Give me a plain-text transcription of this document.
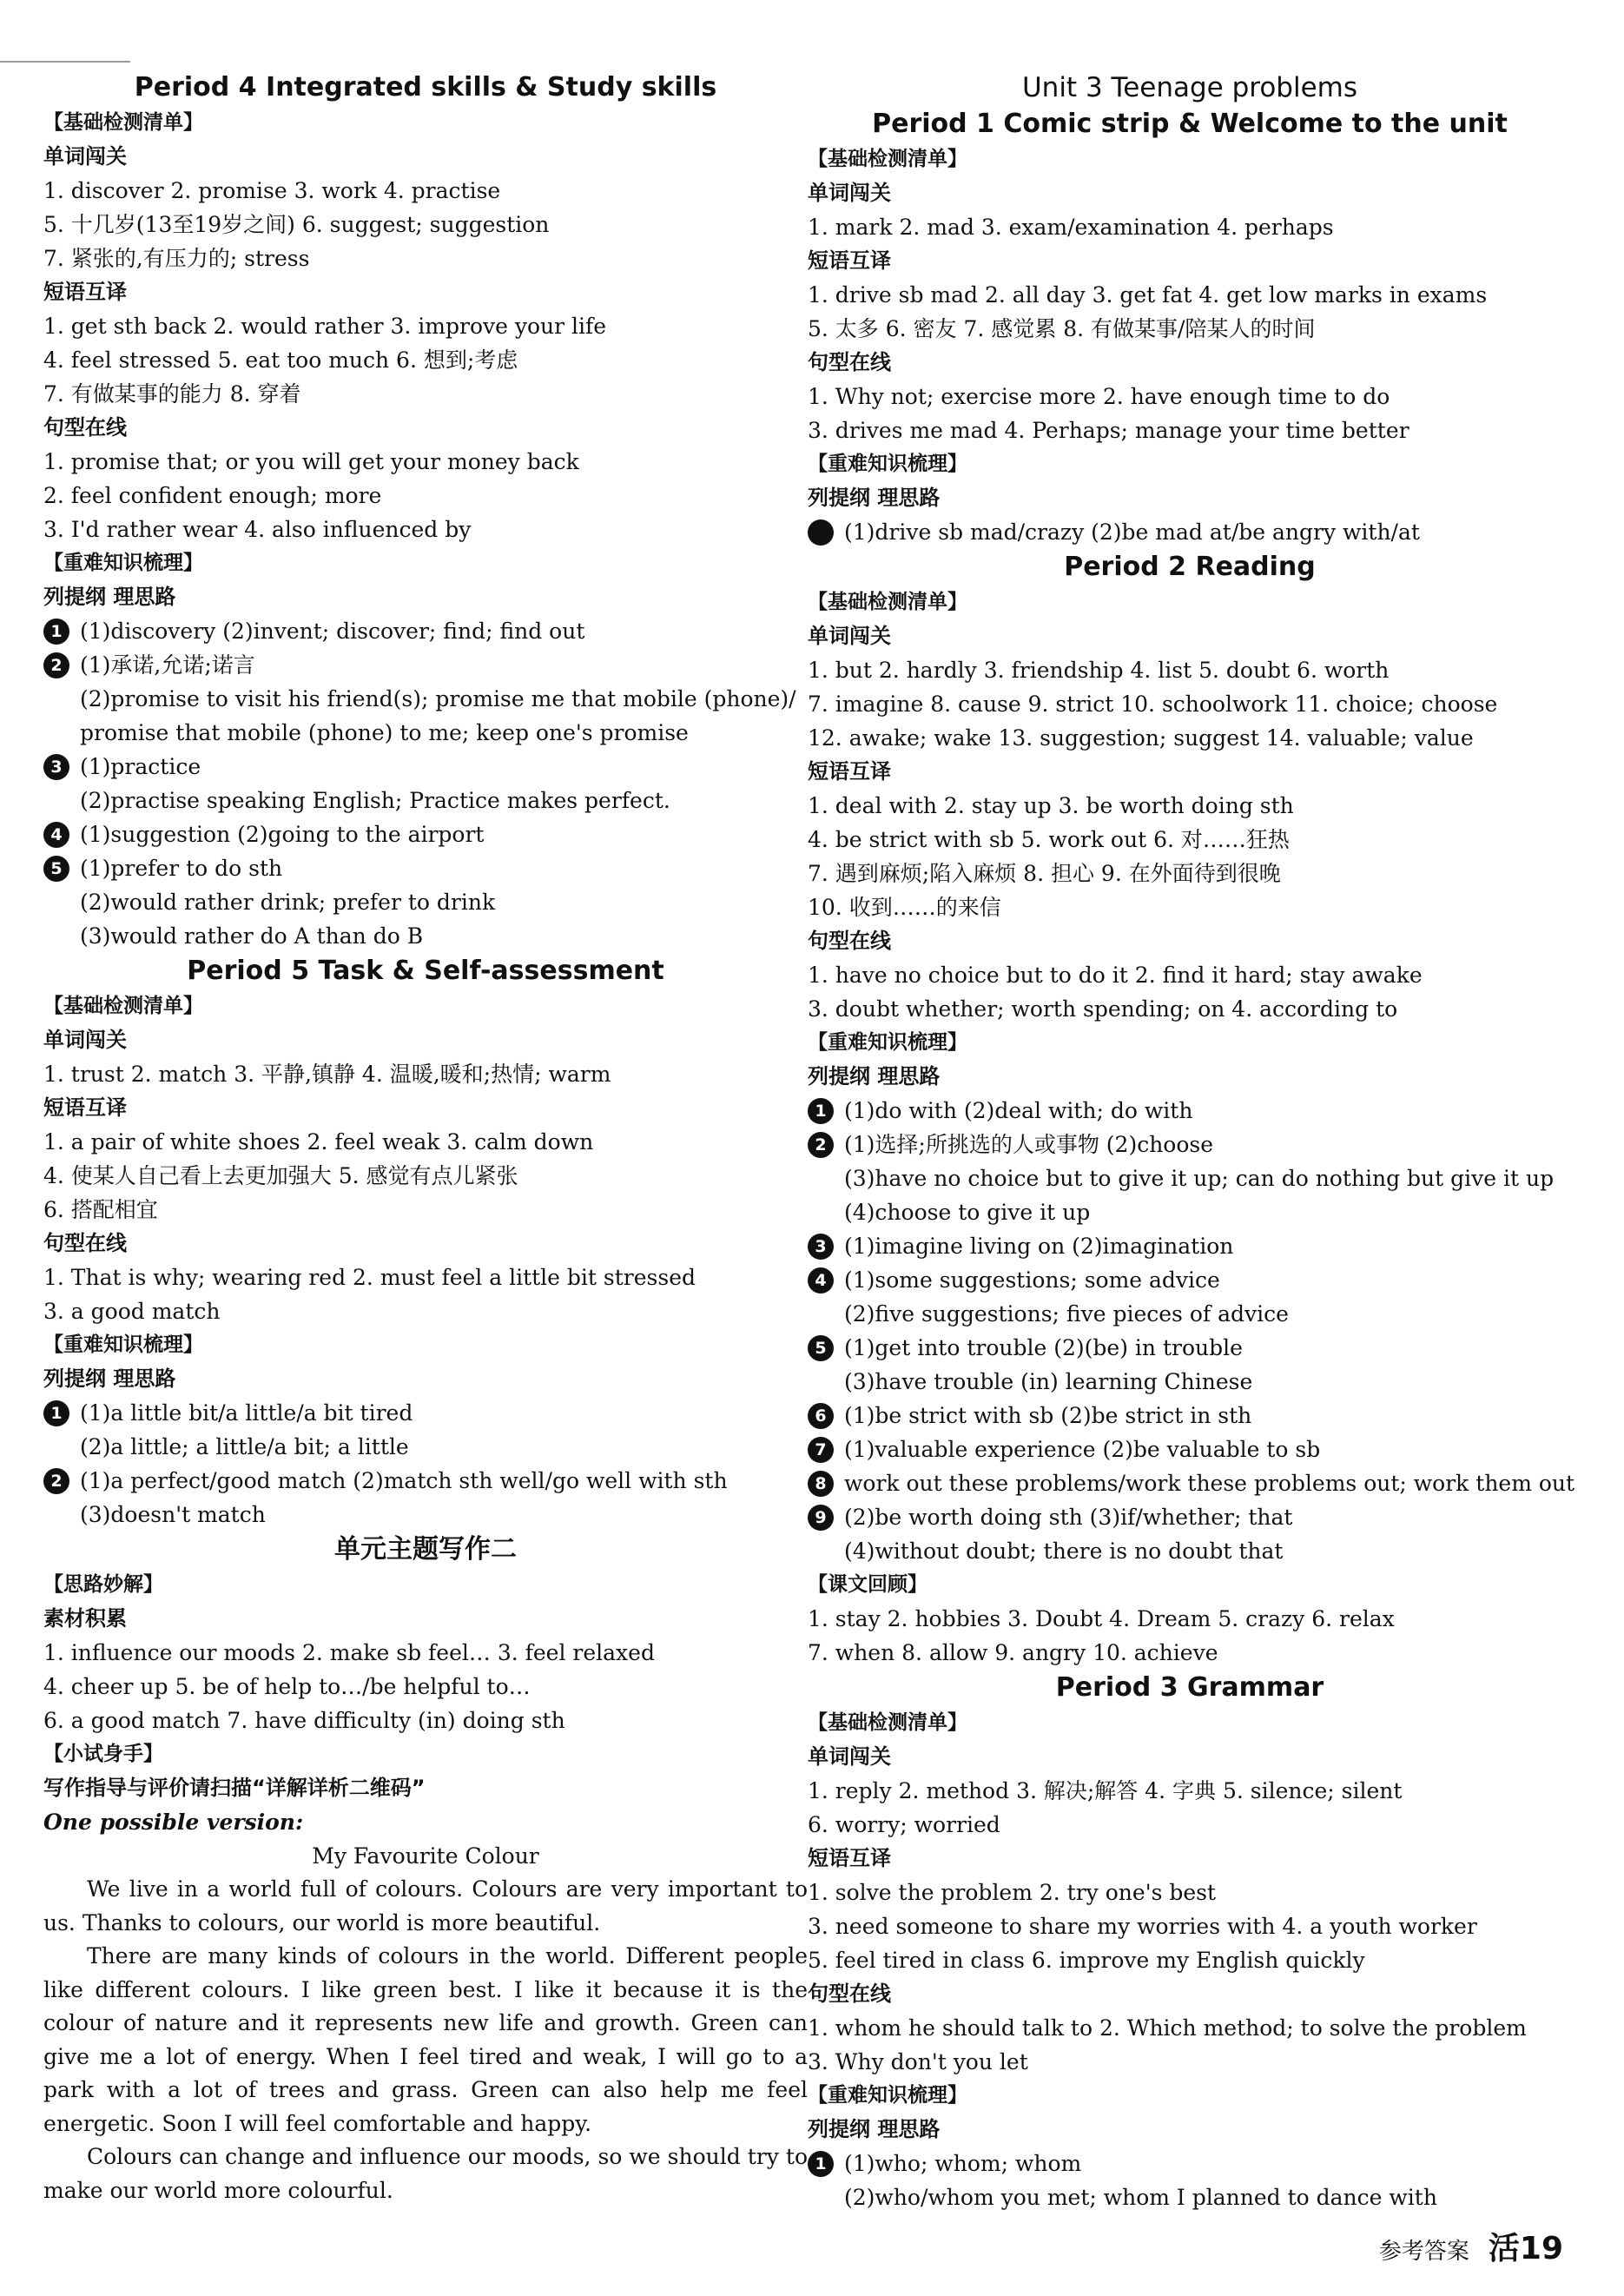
Period 4 Integrated skills & Study skills
【基础检测清单】
单词闯关
1. discover 2. promise 3. work 4. practise
5. 十几岁(13至19岁之间) 6. suggest; suggestion
7. 紧张的,有压力的; stress
短语互译
1. get sth back 2. would rather 3. improve your life
4. feel stressed 5. eat too much 6. 想到;考虑
7. 有做某事的能力 8. 穿着
句型在线
1. promise that; or you will get your money back
2. feel confident enough; more
3. I'd rather wear 4. also influenced by
【重难知识梳理】
列提纲 理思路
1 (1)discovery (2)invent; discover; find; find out
2 (1)承诺,允诺;诺言
(2)promise to visit his friend(s); promise me that mobile (phone)/
promise that mobile (phone) to me; keep one's promise
3 (1)practice
(2)practise speaking English; Practice makes perfect.
4 (1)suggestion (2)going to the airport
5 (1)prefer to do sth
(2)would rather drink; prefer to drink
(3)would rather do A than do B
Period 5 Task & Self-assessment
【基础检测清单】
单词闯关
1. trust 2. match 3. 平静,镇静 4. 温暖,暖和;热情; warm
短语互译
1. a pair of white shoes 2. feel weak 3. calm down
4. 使某人自己看上去更加强大 5. 感觉有点儿紧张
6. 搭配相宜
句型在线
1. That is why; wearing red 2. must feel a little bit stressed
3. a good match
【重难知识梳理】
列提纲 理思路
1 (1)a little bit/a little/a bit tired
(2)a little; a little/a bit; a little
2 (1)a perfect/good match (2)match sth well/go well with sth
(3)doesn't match
单元主题写作二
【思路妙解】
素材积累
1. influence our moods 2. make sb feel… 3. feel relaxed
4. cheer up 5. be of help to…/be helpful to…
6. a good match 7. have difficulty (in) doing sth
【小试身手】
写作指导与评价请扫描“详解详析二维码”
One possible version:
My Favourite Colour

We live in a world full of colours. Colours are very important to us. Thanks to colours, our world is more beautiful.

There are many kinds of colours in the world. Different people like different colours. I like green best. I like it because it is the colour of nature and it represents new life and growth. Green can give me a lot of energy. When I feel tired and weak, I will go to a park with a lot of trees and grass. Green can also help me feel energetic. Soon I will feel comfortable and happy.

Colours can change and influence our moods, so we should try to make our world more colourful.

Unit 3 Teenage problems
Period 1 Comic strip & Welcome to the unit
【基础检测清单】
单词闯关
1. mark 2. mad 3. exam/examination 4. perhaps
短语互译
1. drive sb mad 2. all day 3. get fat 4. get low marks in exams
5. 太多 6. 密友 7. 感觉累 8. 有做某事/陪某人的时间
句型在线
1. Why not; exercise more 2. have enough time to do
3. drives me mad 4. Perhaps; manage your time better
【重难知识梳理】
列提纲 理思路
(1)drive sb mad/crazy (2)be mad at/be angry with/at
Period 2 Reading
【基础检测清单】
单词闯关
1. but 2. hardly 3. friendship 4. list 5. doubt 6. worth
7. imagine 8. cause 9. strict 10. schoolwork 11. choice; choose
12. awake; wake 13. suggestion; suggest 14. valuable; value
短语互译
1. deal with 2. stay up 3. be worth doing sth
4. be strict with sb 5. work out 6. 对……狂热
7. 遇到麻烦;陷入麻烦 8. 担心 9. 在外面待到很晚
10. 收到……的来信
句型在线
1. have no choice but to do it 2. find it hard; stay awake
3. doubt whether; worth spending; on 4. according to
【重难知识梳理】
列提纲 理思路
1 (1)do with (2)deal with; do with
2 (1)选择;所挑选的人或事物 (2)choose
(3)have no choice but to give it up; can do nothing but give it up
(4)choose to give it up
3 (1)imagine living on (2)imagination
4 (1)some suggestions; some advice
(2)five suggestions; five pieces of advice
5 (1)get into trouble (2)(be) in trouble
(3)have trouble (in) learning Chinese
6 (1)be strict with sb (2)be strict in sth
7 (1)valuable experience (2)be valuable to sb
8 work out these problems/work these problems out; work them out
9 (2)be worth doing sth (3)if/whether; that
(4)without doubt; there is no doubt that
【课文回顾】
1. stay 2. hobbies 3. Doubt 4. Dream 5. crazy 6. relax
7. when 8. allow 9. angry 10. achieve
Period 3 Grammar
【基础检测清单】
单词闯关
1. reply 2. method 3. 解决;解答 4. 字典 5. silence; silent
6. worry; worried
短语互译
1. solve the problem 2. try one's best
3. need someone to share my worries with 4. a youth worker
5. feel tired in class 6. improve my English quickly
句型在线
1. whom he should talk to 2. Which method; to solve the problem
3. Why don't you let
【重难知识梳理】
列提纲 理思路
1 (1)who; whom; whom
(2)who/whom you met; whom I planned to dance with
参考答案 活19
